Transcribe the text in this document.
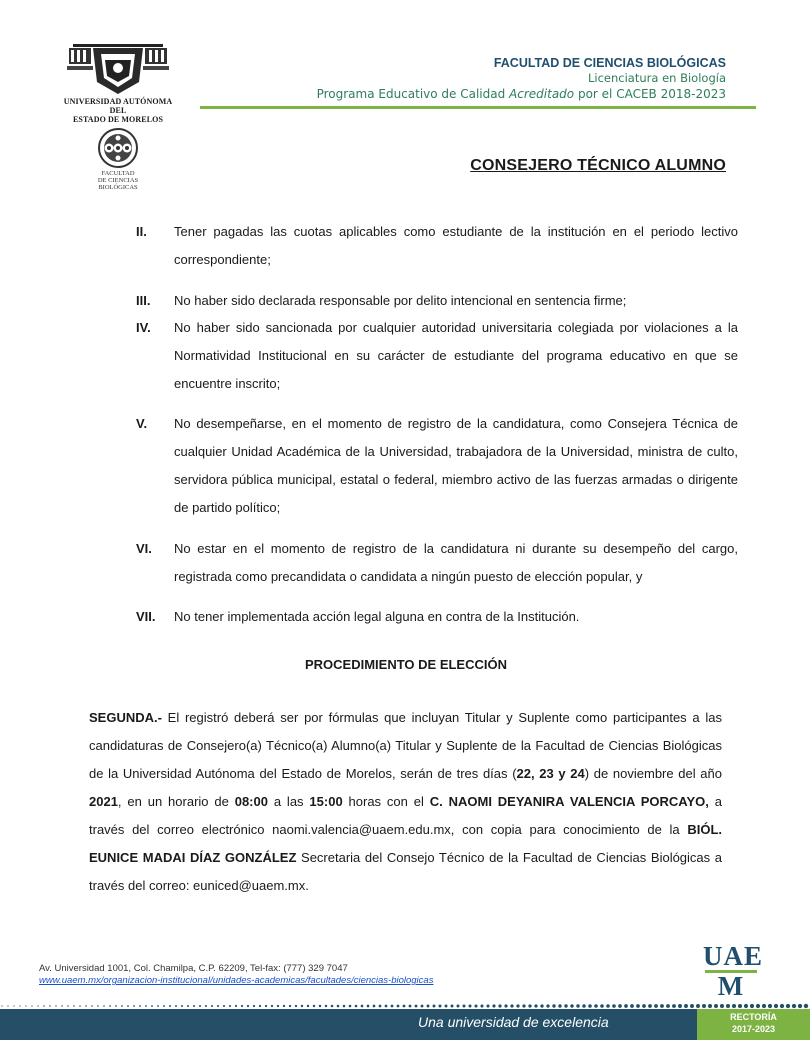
UNIVERSIDAD AUTÓNOMA DEL
ESTADO DE MORELOS
FACULTAD
DE CIENCIAS
BIOLÓGICAS
FACULTAD DE CIENCIAS BIOLÓGICAS
Licenciatura en Biología
Programa Educativo de Calidad Acreditado por el CACEB 2018-2023
CONSEJERO TÉCNICO ALUMNO
II.	Tener pagadas las cuotas aplicables como estudiante de la institución en el periodo lectivo correspondiente;
III.	No haber sido declarada responsable por delito intencional en sentencia firme;
IV.	No haber sido sancionada por cualquier autoridad universitaria colegiada por violaciones a la Normatividad Institucional en su carácter de estudiante del programa educativo en que se encuentre inscrito;
V.	No desempeñarse, en el momento de registro de la candidatura, como Consejera Técnica de cualquier Unidad Académica de la Universidad, trabajadora de la Universidad, ministra de culto, servidora pública municipal, estatal o federal, miembro activo de las fuerzas armadas o dirigente de partido político;
VI.	No estar en el momento de registro de la candidatura ni durante su desempeño del cargo, registrada como precandidata o candidata a ningún puesto de elección popular, y
VII.	No tener implementada acción legal alguna en contra de la Institución.
PROCEDIMIENTO DE ELECCIÓN
SEGUNDA.- El registró deberá ser por fórmulas que incluyan Titular y Suplente como participantes a las candidaturas de Consejero(a) Técnico(a) Alumno(a) Titular y Suplente de la Facultad de Ciencias Biológicas de la Universidad Autónoma del Estado de Morelos, serán de tres días (22, 23 y 24) de noviembre del año 2021, en un horario de 08:00 a las 15:00 horas con el C. NAOMI DEYANIRA VALENCIA PORCAYO, a través del correo electrónico naomi.valencia@uaem.edu.mx, con copia para conocimiento de la BIÓL. EUNICE MADAI DÍAZ GONZÁLEZ Secretaria del Consejo Técnico de la Facultad de Ciencias Biológicas a través del correo: euniced@uaem.mx.
Av. Universidad 1001, Col. Chamilpa, C.P. 62209, Tel-fax: (777) 329 7047
www.uaem.mx/organizacion-institucional/unidades-academicas/facultades/ciencias-biologicas
UAE
M
Una universidad de excelencia	RECTORÍA
2017-2023
